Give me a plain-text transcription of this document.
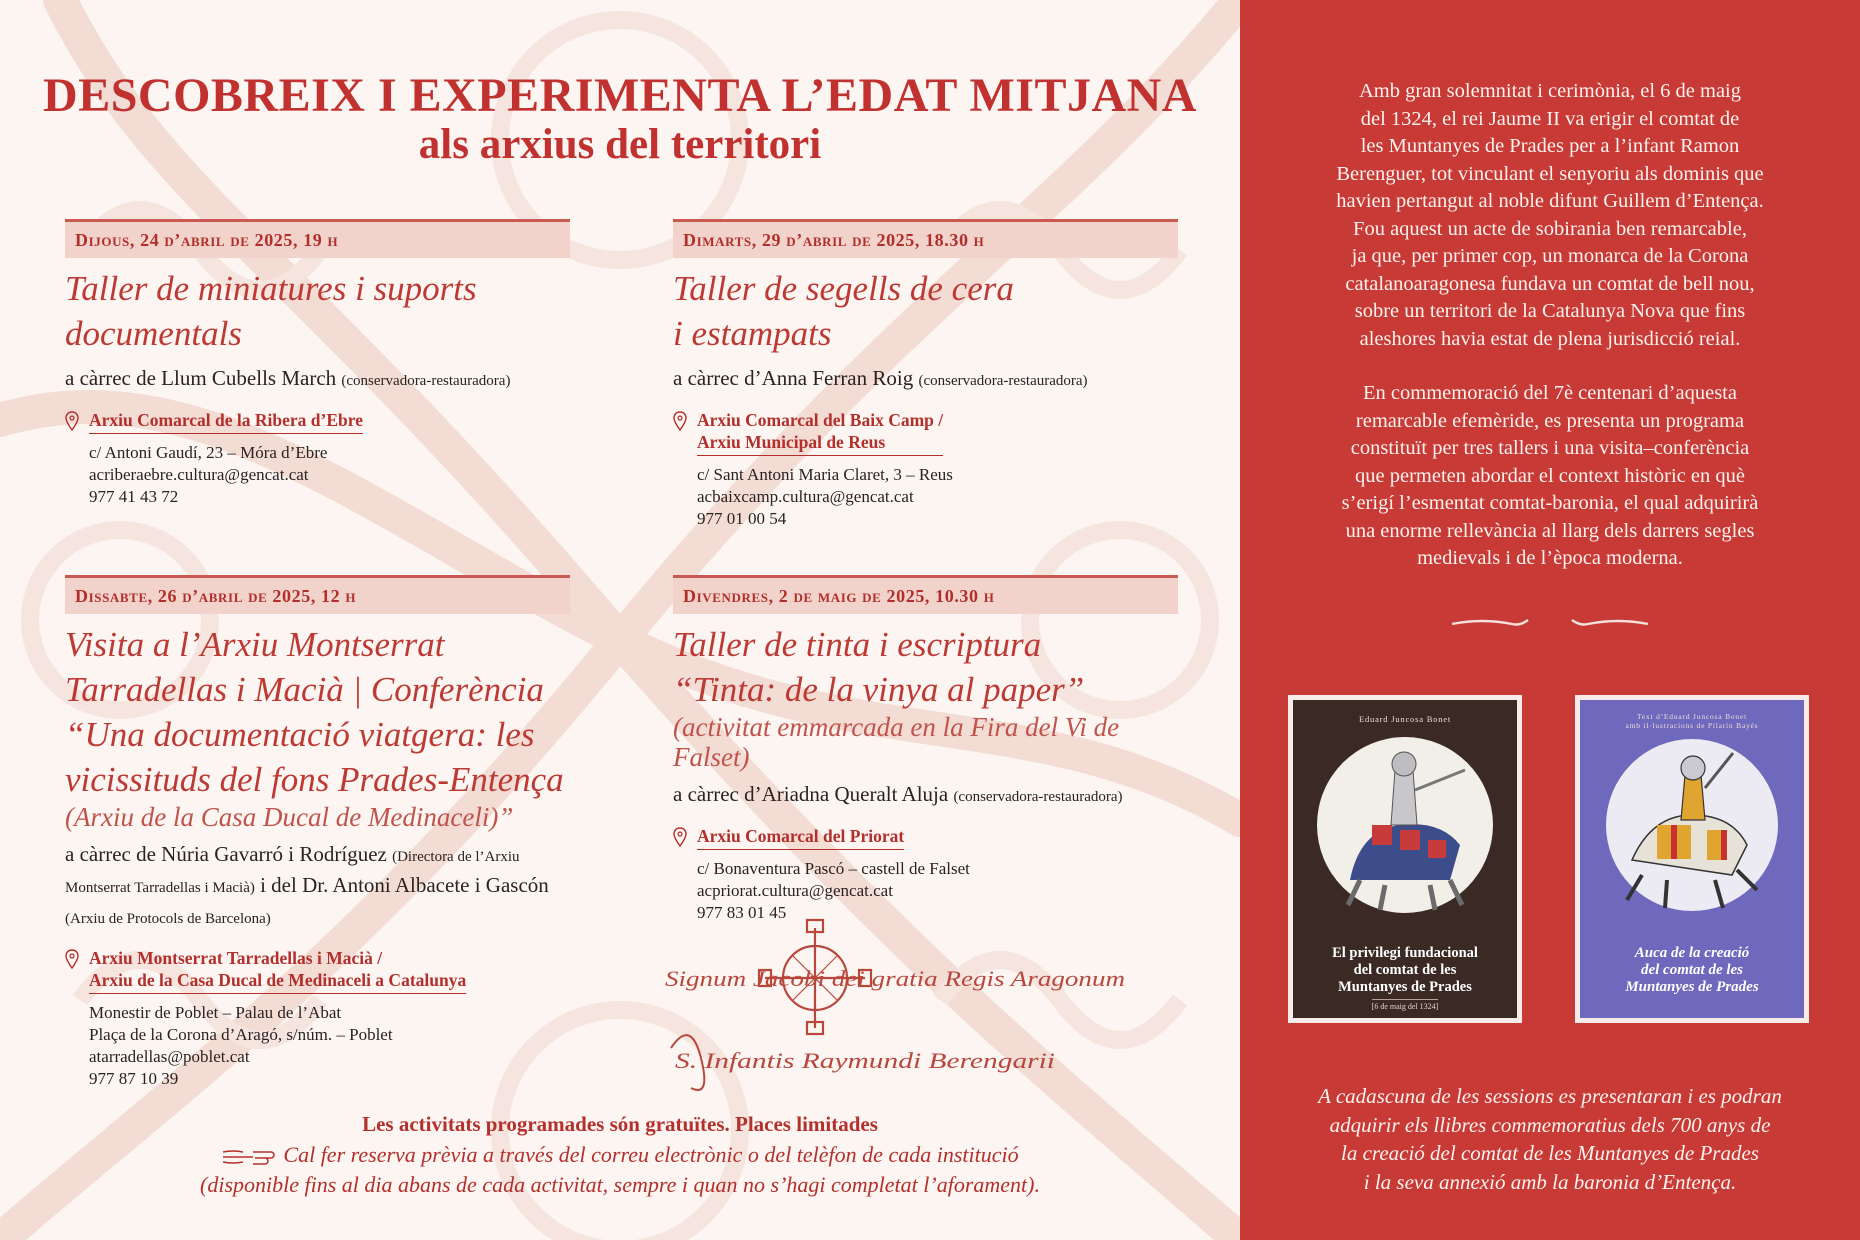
DESCOBREIX I EXPERIMENTA L’EDAT MITJANA
als arxius del territori
Dijous, 24 d’abril de 2025, 19 h
Taller de miniatures i suports
documentals
a càrrec de Llum Cubells March (conservadora-restauradora)
Arxiu Comarcal de la Ribera d’Ebre
c/ Antoni Gaudí, 23 – Móra d’Ebre
acriberaebre.cultura@gencat.cat
977 41 43 72
Dimarts, 29 d’abril de 2025, 18.30 h
Taller de segells de cera
i estampats
a càrrec d’Anna Ferran Roig (conservadora-restauradora)
Arxiu Comarcal del Baix Camp /
Arxiu Municipal de Reus
c/ Sant Antoni Maria Claret, 3 – Reus
acbaixcamp.cultura@gencat.cat
977 01 00 54
Dissabte, 26 d’abril de 2025, 12 h
Visita a l’Arxiu Montserrat
Tarradellas i Macià | Conferència
“Una documentació viatgera: les
vicissituds del fons Prades-Entença
(Arxiu de la Casa Ducal de Medinaceli)”
a càrrec de Núria Gavarró i Rodríguez (Directora de l’Arxiu Montserrat Tarradellas i Macià) i del Dr. Antoni Albacete i Gascón (Arxiu de Protocols de Barcelona)
Arxiu Montserrat Tarradellas i Macià /
Arxiu de la Casa Ducal de Medinaceli a Catalunya
Monestir de Poblet – Palau de l’Abat
Plaça de la Corona d’Aragó, s/núm. – Poblet
atarradellas@poblet.cat
977 87 10 39
Divendres, 2 de maig de 2025, 10.30 h
Taller de tinta i escriptura
“Tinta: de la vinya al paper”
(activitat emmarcada en la Fira del Vi de Falset)
a càrrec d’Ariadna Queralt Aluja (conservadora-restauradora)
Arxiu Comarcal del Priorat
c/ Bonaventura Pascó – castell de Falset
acpriorat.cultura@gencat.cat
977 83 01 45
Signum Jacobi dei gratia Regis Aragonum
S. Infantis Raymundi Berengarii
Les activitats programades són gratuïtes. Places limitades
Cal fer reserva prèvia a través del correu electrònic o del telèfon de cada institució
(disponible fins al dia abans de cada activitat, sempre i quan no s’hagi completat l’aforament).

Amb gran solemnitat i cerimònia, el 6 de maig
del 1324, el rei Jaume II va erigir el comtat de
les Muntanyes de Prades per a l’infant Ramon
Berenguer, tot vinculant el senyoriu als dominis que
havien pertangut al noble difunt Guillem d’Entença.
Fou aquest un acte de sobirania ben remarcable,
ja que, per primer cop, un monarca de la Corona
catalanoaragonesa fundava un comtat de bell nou,
sobre un territori de la Catalunya Nova que fins
aleshores havia estat de plena jurisdicció reial.

En commemoració del 7è centenari d’aquesta
remarcable efemèride, es presenta un programa
constituït per tres tallers i una visita–conferència
que permeten abordar el context històric en què
s’erigí l’esmentat comtat-baronia, el qual adquirirà
una enorme rellevància al llarg dels darrers segles
medievals i de l’època moderna.

Eduard Juncosa Bonet
El privilegi fundacional
del comtat de les
Muntanyes de Prades
[6 de maig del 1324]
Text d’Eduard Juncosa Bonet
amb il·lustracions de Pilarín Bayés
Auca de la creació
del comtat de les
Muntanyes de Prades
A cadascuna de les sessions es presentaran i es podran
adquirir els llibres commemoratius dels 700 anys de
la creació del comtat de les Muntanyes de Prades
i la seva annexió amb la baronia d’Entença.
